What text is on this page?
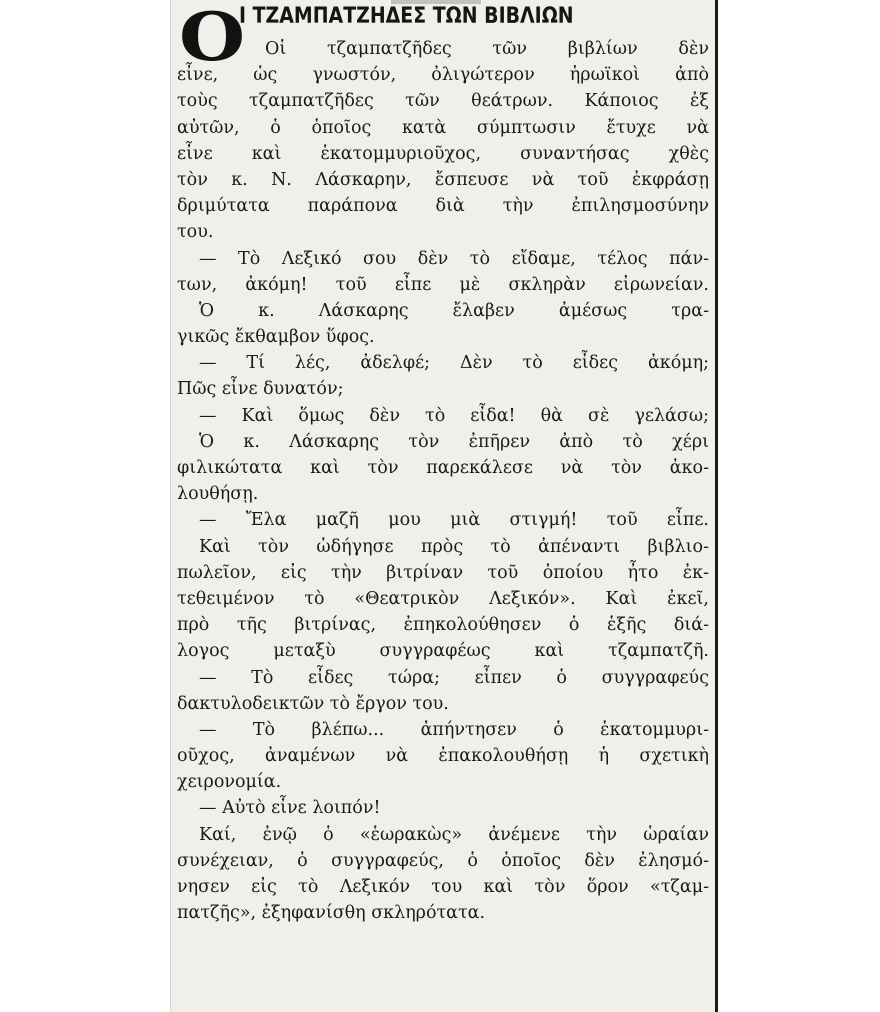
Ο
Ι ΤΖΑΜΠΑΤΖΗΔΕΣ ΤΩΝ ΒΙΒΛΙΩΝ
Οἱ τζαμπατζῆδες τῶν βιβλίων δὲν
εἶνε, ὡς γνωστόν, ὀλιγώτερον ἡρωϊκοὶ ἀπὸ
τοὺς τζαμπατζῆδες τῶν θεάτρων. Κάποιος ἐξ
αὐτῶν, ὁ ὁποῖος κατὰ σύμπτωσιν ἔτυχε νὰ
εἶνε καὶ ἑκατομμυριοῦχος, συναντήσας χθὲς
τὸν κ. Ν. Λάσκαρην, ἔσπευσε νὰ τοῦ ἐκφράσῃ
δριμύτατα παράπονα διὰ τὴν ἐπιλησμοσύνην
του.
— Τὸ Λεξικό σου δὲν τὸ εἴδαμε, τέλος πάν-
των, ἀκόμη! τοῦ εἶπε μὲ σκληρὰν εἰρωνείαν.
Ὁ κ. Λάσκαρης ἔλαβεν ἀμέσως τρα-
γικῶς ἔκθαμβον ὕφος.
— Τί λές, ἀδελφέ; Δὲν τὸ εἶδες ἀκόμη;
Πῶς εἶνε δυνατόν;
— Καὶ ὅμως δὲν τὸ εἶδα! θὰ σὲ γελάσω;
Ὁ κ. Λάσκαρης τὸν ἐπῆρεν ἀπὸ τὸ χέρι
φιλικώτατα καὶ τὸν παρεκάλεσε νὰ τὸν ἀκο-
λουθήσῃ.
— Ἔλα μαζῆ μου μιὰ στιγμή! τοῦ εἶπε.
Καὶ τὸν ὡδήγησε πρὸς τὸ ἀπέναντι βιβλιο-
πωλεῖον, εἰς τὴν βιτρίναν τοῦ ὁποίου ἦτο ἐκ-
τεθειμένον τὸ «Θεατρικὸν Λεξικόν». Καὶ ἐκεῖ,
πρὸ τῆς βιτρίνας, ἐπηκολούθησεν ὁ ἑξῆς διά-
λογος μεταξὺ συγγραφέως καὶ τζαμπατζῆ.
— Τὸ εἶδες τώρα; εἶπεν ὁ συγγραφεύς
δακτυλοδεικτῶν τὸ ἔργον του.
— Τὸ βλέπω... ἀπήντησεν ὁ ἑκατομμυρι-
οῦχος, ἀναμένων νὰ ἐπακολουθήσῃ ἡ σχετικὴ
χειρονομία.
— Αὐτὸ εἶνε λοιπόν!
Καί, ἐνῷ ὁ «ἑωρακὼς» ἀνέμενε τὴν ὡραίαν
συνέχειαν, ὁ συγγραφεύς, ὁ ὁποῖος δὲν ἐλησμό-
νησεν εἰς τὸ Λεξικόν του καὶ τὸν ὅρον «τζαμ-
πατζῆς», ἐξηφανίσθη σκληρότατα.
